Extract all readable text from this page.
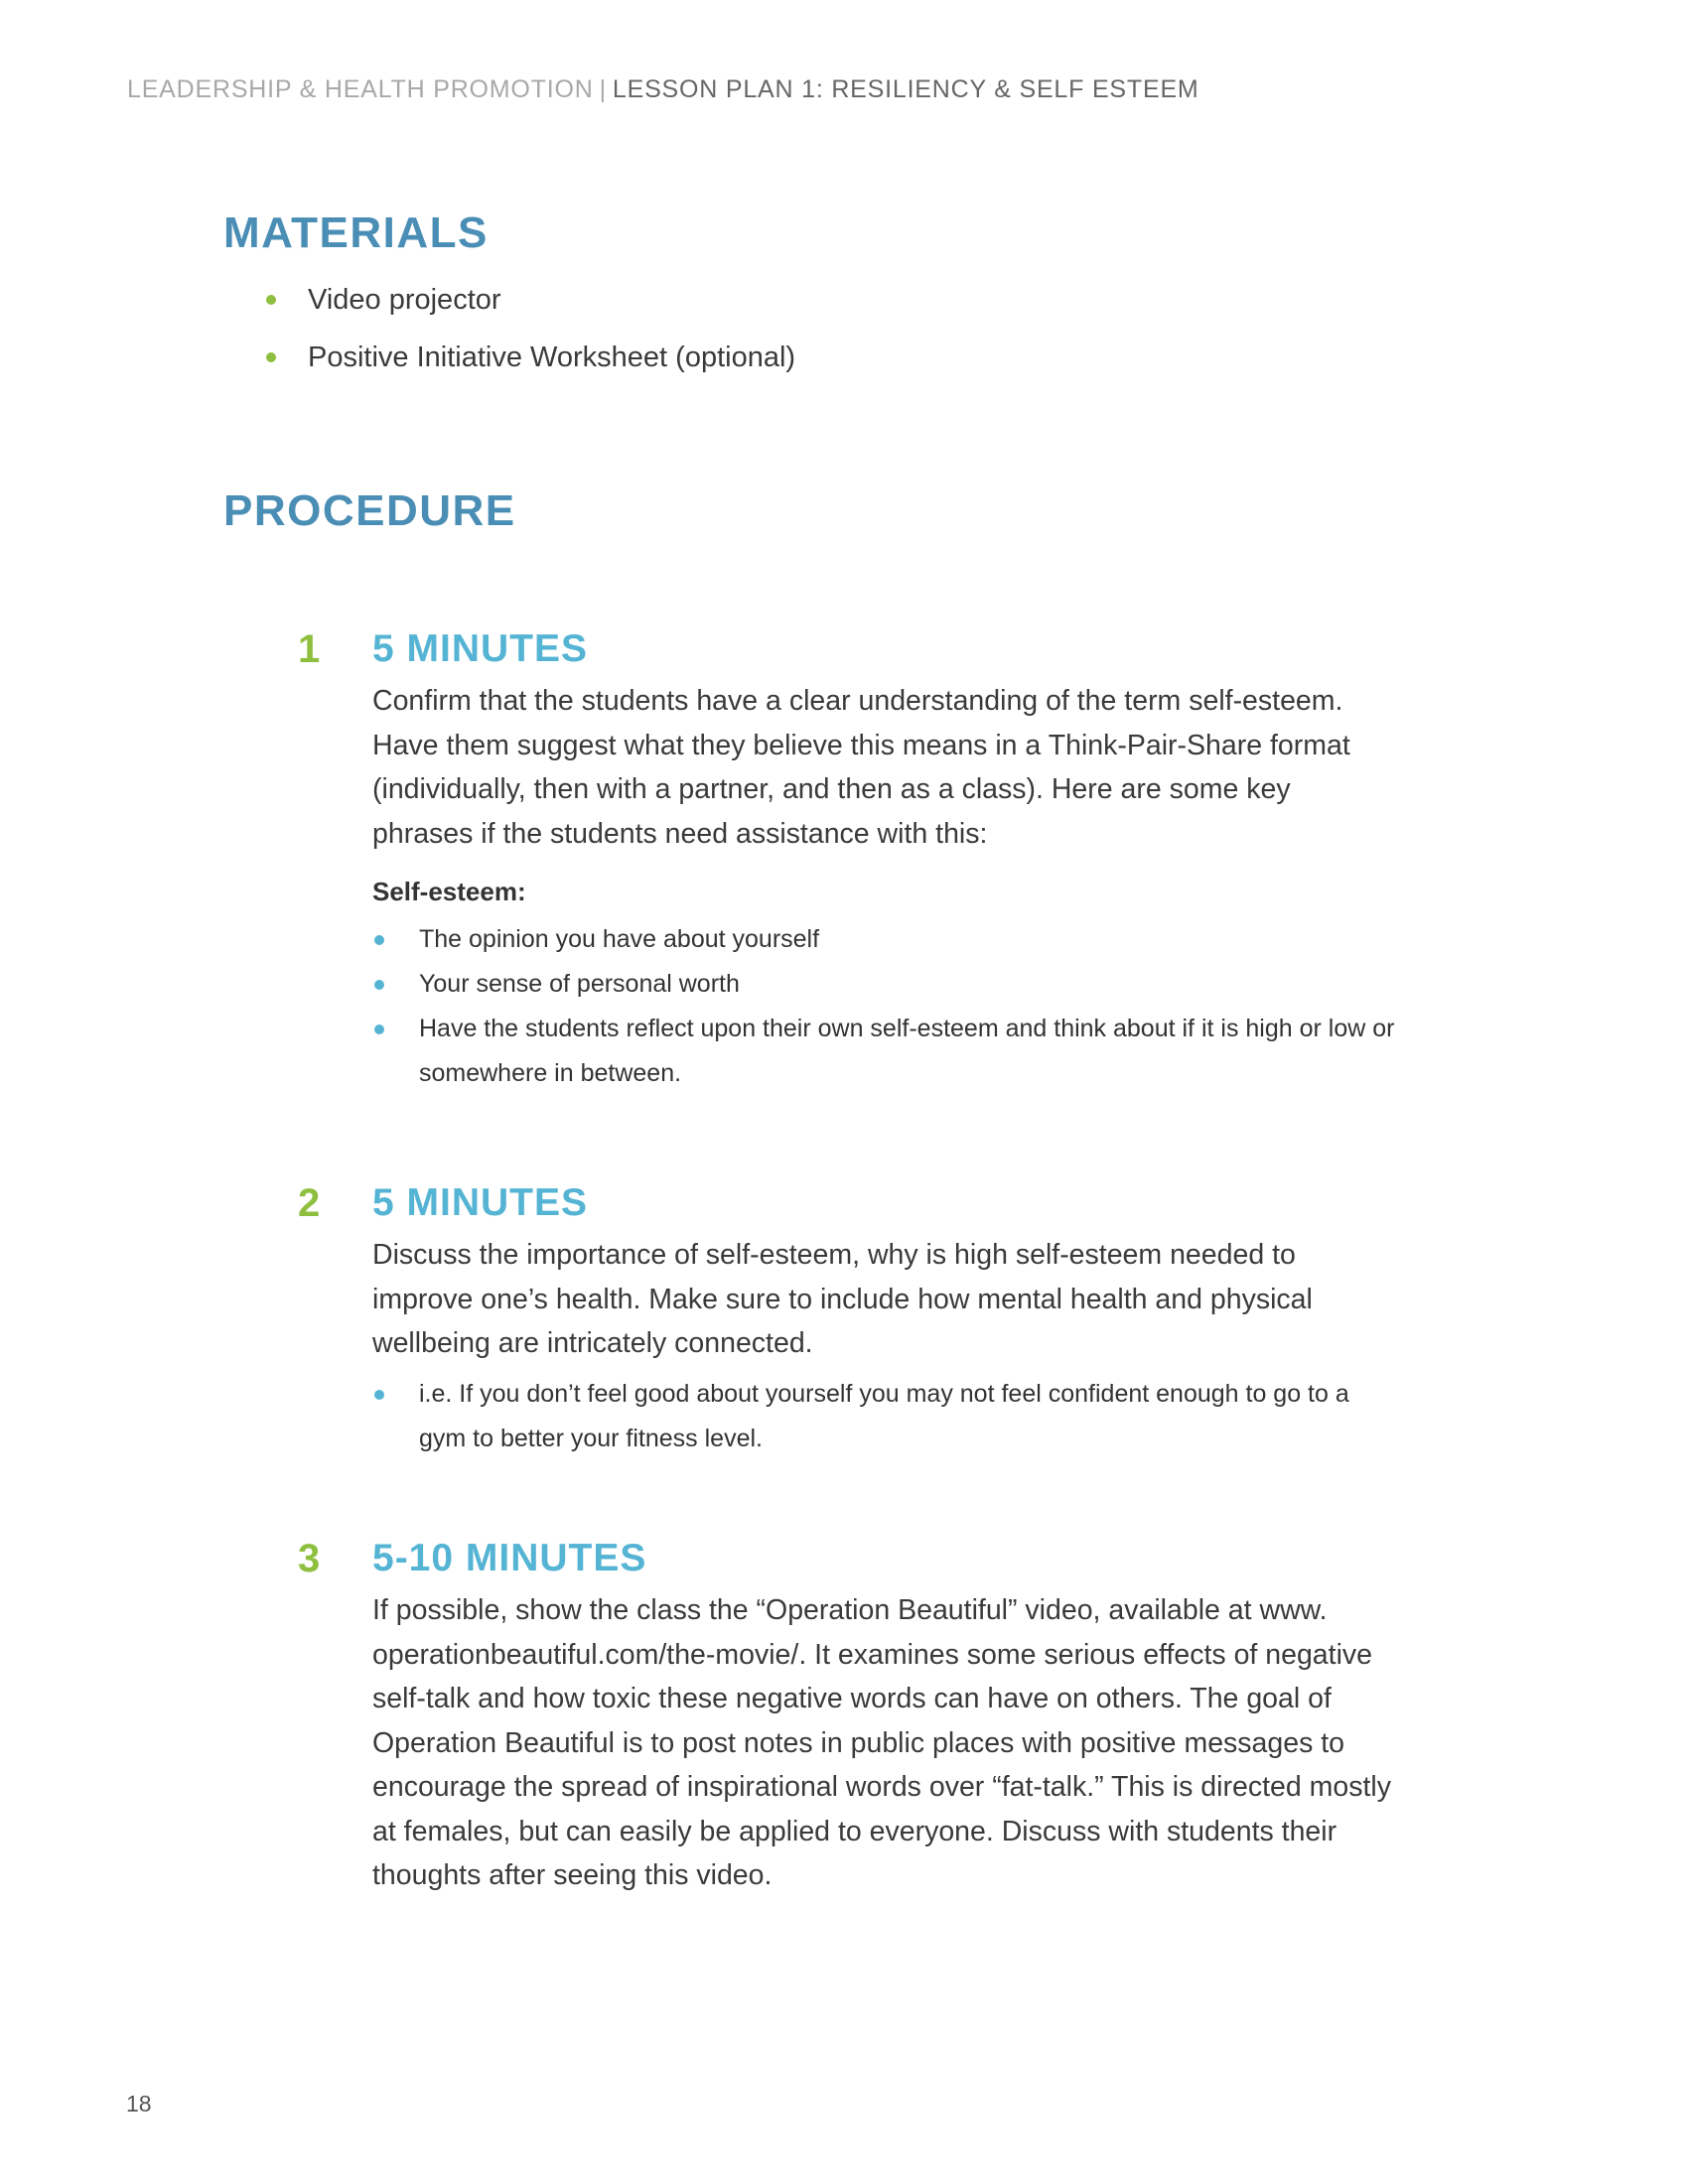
LEADERSHIP & HEALTH PROMOTION | LESSON PLAN 1: RESILIENCY & SELF ESTEEM
MATERIALS
Video projector
Positive Initiative Worksheet (optional)
PROCEDURE
1 5 MINUTES

Confirm that the students have a clear understanding of the term self-esteem. Have them suggest what they believe this means in a Think-Pair-Share format (individually, then with a partner, and then as a class). Here are some key phrases if the students need assistance with this:

Self-esteem:
The opinion you have about yourself
Your sense of personal worth
Have the students reflect upon their own self-esteem and think about if it is high or low or somewhere in between.
2 5 MINUTES

Discuss the importance of self-esteem, why is high self-esteem needed to improve one’s health. Make sure to include how mental health and physical wellbeing are intricately connected.

i.e. If you don’t feel good about yourself you may not feel confident enough to go to a gym to better your fitness level.
3 5-10 MINUTES

If possible, show the class the “Operation Beautiful” video, available at www. operationbeautiful.com/the-movie/. It examines some serious effects of negative self-talk and how toxic these negative words can have on others. The goal of Operation Beautiful is to post notes in public places with positive messages to encourage the spread of inspirational words over “fat-talk.” This is directed mostly at females, but can easily be applied to everyone. Discuss with students their thoughts after seeing this video.

18
